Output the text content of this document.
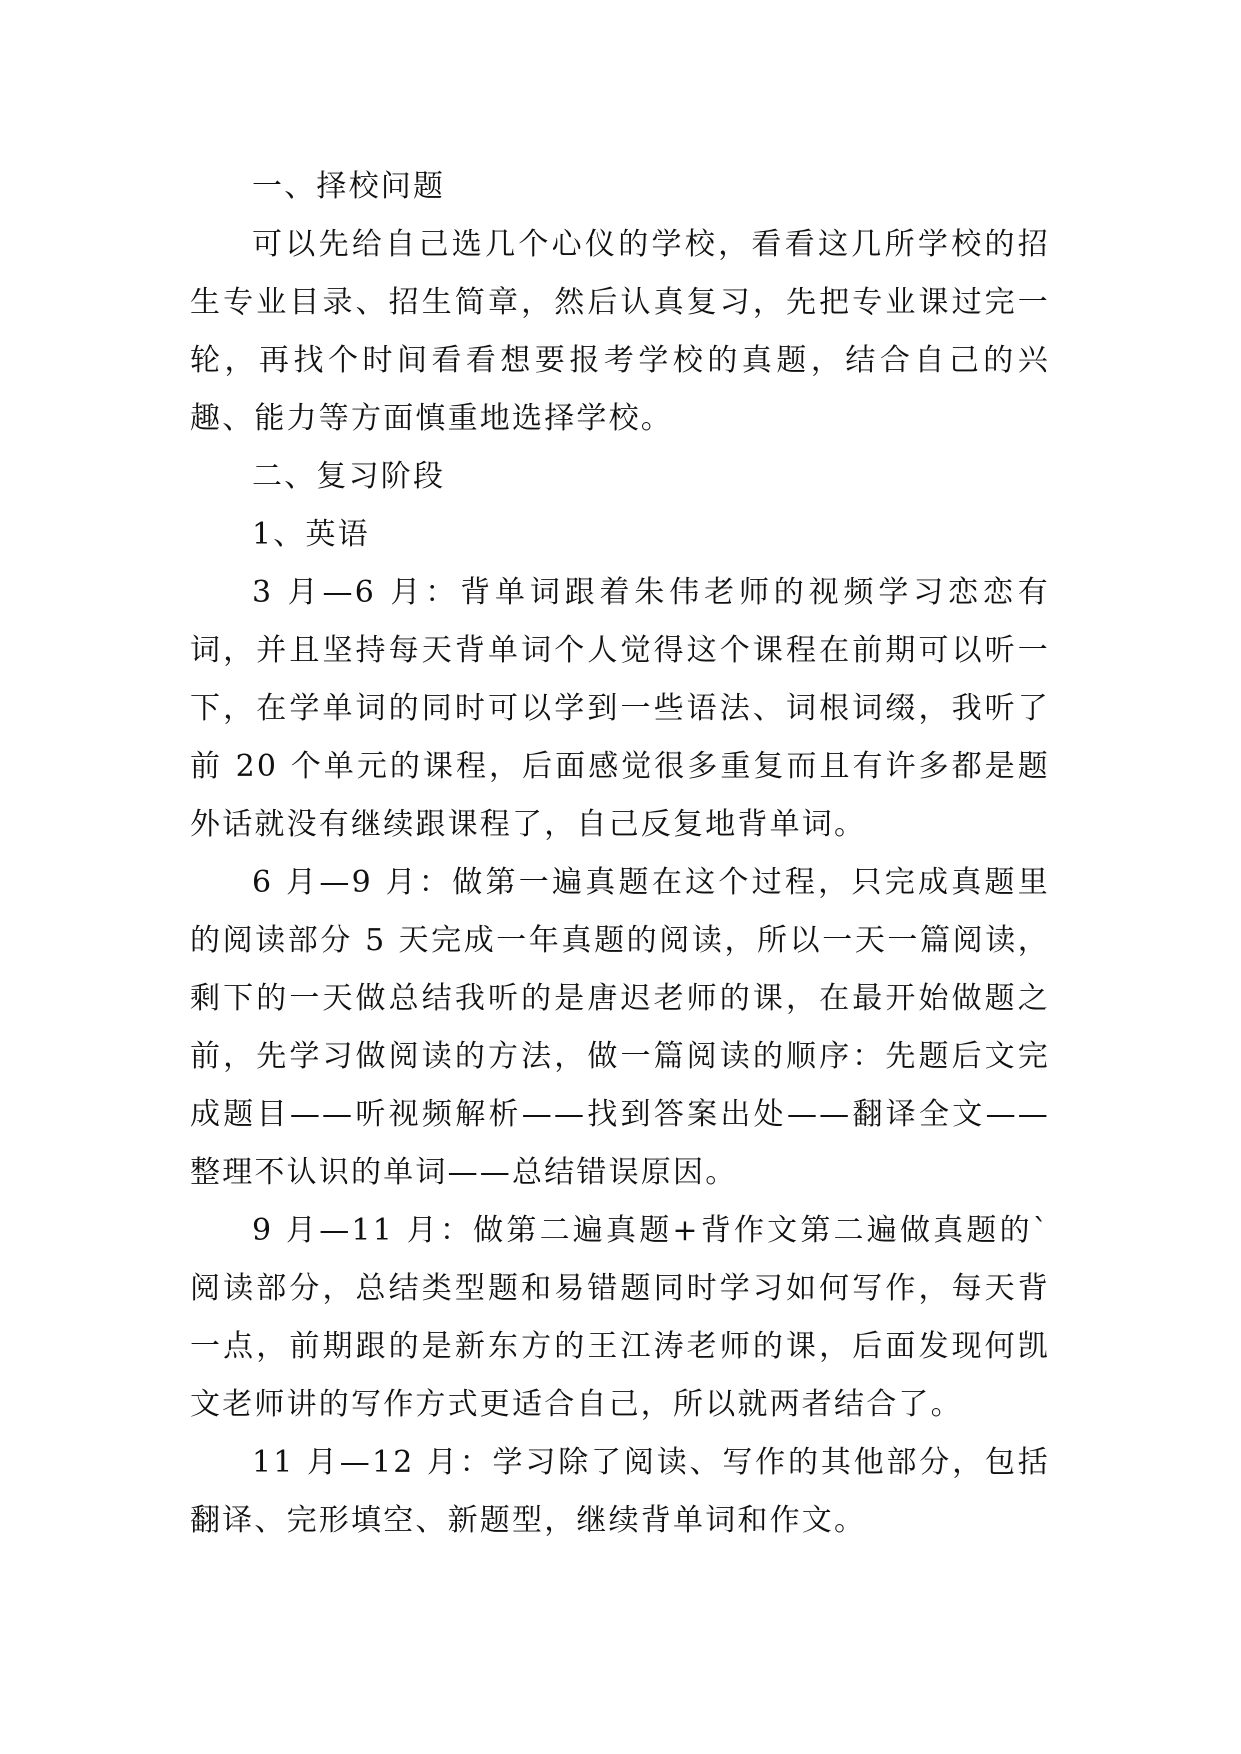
一、择校问题

可以先给自己选几个心仪的学校，看看这几所学校的招生专业目录、招生简章，然后认真复习，先把专业课过完一轮，再找个时间看看想要报考学校的真题，结合自己的兴趣、能力等方面慎重地选择学校。

二、复习阶段

1、英语

3 月—6 月：背单词跟着朱伟老师的视频学习恋恋有词，并且坚持每天背单词个人觉得这个课程在前期可以听一下，在学单词的同时可以学到一些语法、词根词缀，我听了前 20 个单元的课程，后面感觉很多重复而且有许多都是题外话就没有继续跟课程了，自己反复地背单词。

6 月—9 月：做第一遍真题在这个过程，只完成真题里的阅读部分 5 天完成一年真题的阅读，所以一天一篇阅读，剩下的一天做总结我听的是唐迟老师的课，在最开始做题之前，先学习做阅读的方法，做一篇阅读的顺序：先题后文完成题目——听视频解析——找到答案出处——翻译全文——整理不认识的单词——总结错误原因。

9 月—11 月：做第二遍真题+背作文第二遍做真题的`阅读部分，总结类型题和易错题同时学习如何写作，每天背一点，前期跟的是新东方的王江涛老师的课，后面发现何凯文老师讲的写作方式更适合自己，所以就两者结合了。

11 月—12 月：学习除了阅读、写作的其他部分，包括翻译、完形填空、新题型，继续背单词和作文。
